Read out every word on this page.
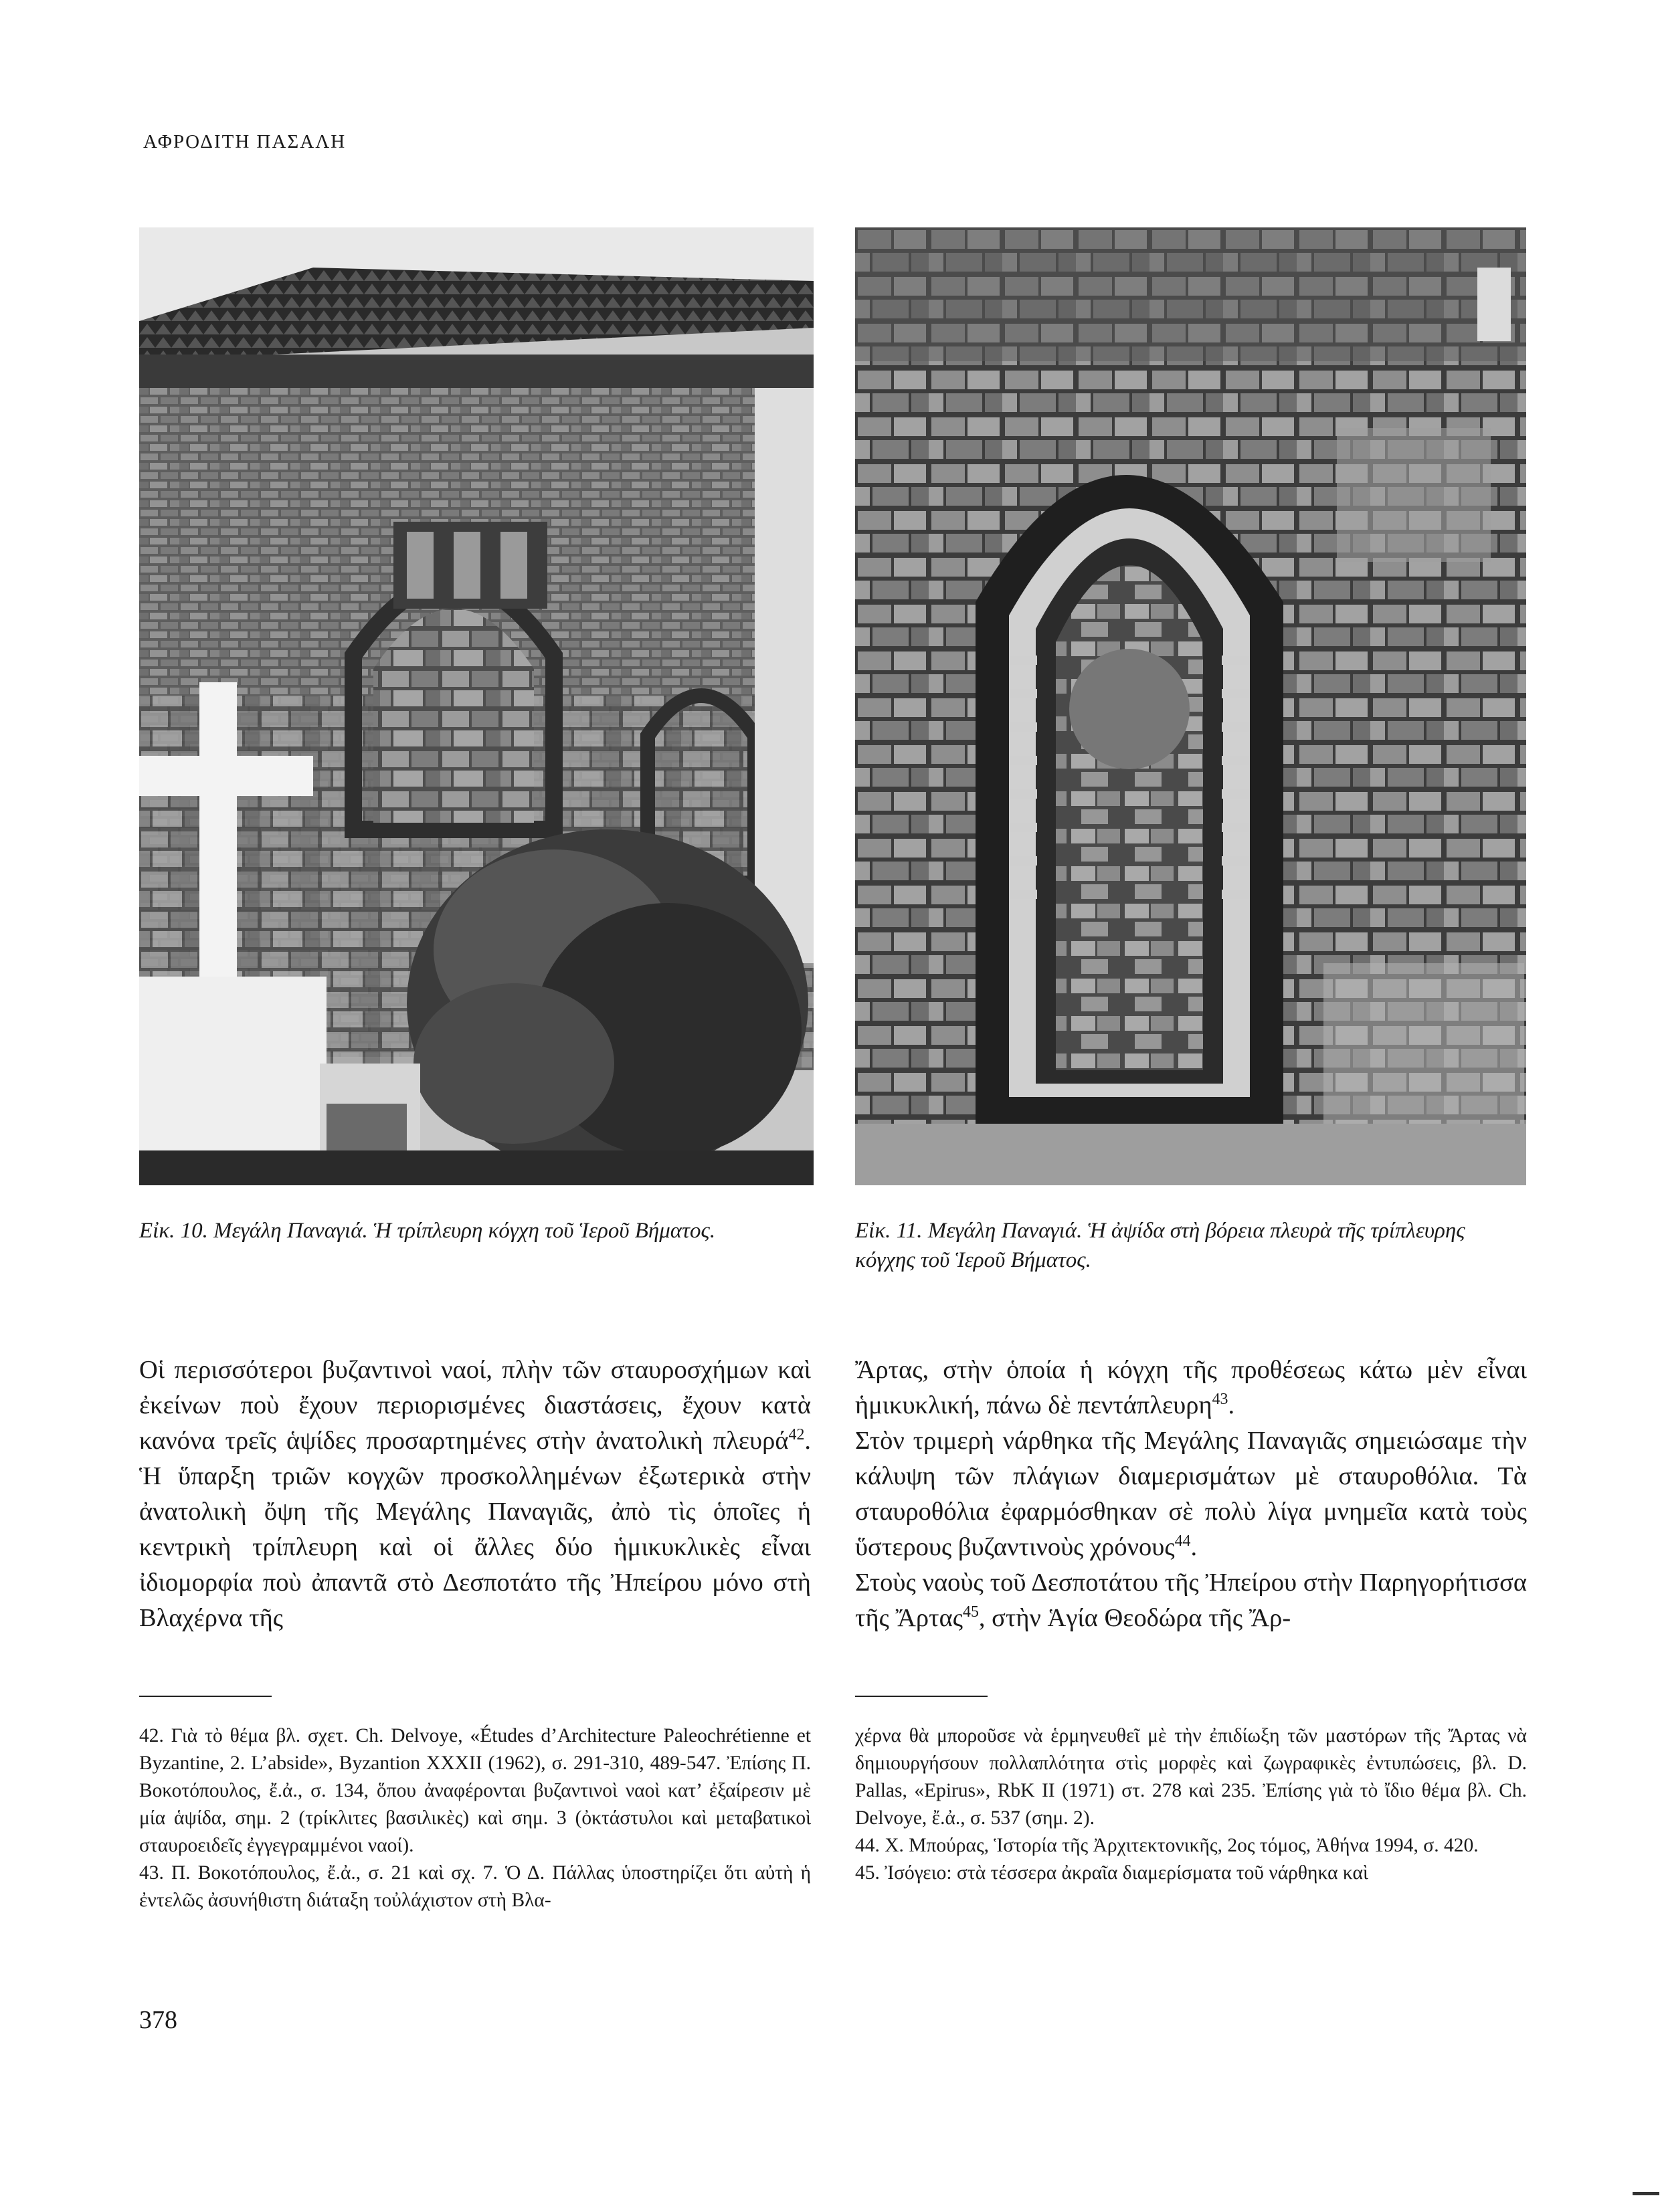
ΑΦΡΟΔΙΤΗ ΠΑΣΑΛΗ
Εἰκ. 10. Μεγάλη Παναγιά. Ἡ τρίπλευρη κόγχη τοῦ Ἱεροῦ Βήματος.	Εἰκ. 11. Μεγάλη Παναγιά. Ἡ ἀψίδα στὴ βόρεια πλευρὰ τῆς τρίπλευρης κόγχης τοῦ Ἱεροῦ Βήματος.

Οἱ περισσότεροι βυζαντινοὶ ναοί, πλὴν τῶν σταυροσχήμων καὶ ἐκείνων ποὺ ἔχουν περιορισμένες διαστάσεις, ἔχουν κατὰ κανόνα τρεῖς ἁψίδες προσαρτημένες στὴν ἀνατολικὴ πλευρά$^{42}$. Ἡ ὕπαρξη τριῶν κογχῶν προσκολλημένων ἐξωτερικὰ στὴν ἀνατολικὴ ὄψη τῆς Μεγάλης Παναγιᾶς, ἀπὸ τὶς ὁποῖες ἡ κεντρικὴ τρίπλευρη καὶ οἱ ἄλλες δύο ἡμικυκλικὲς εἶναι ἰδιομορφία ποὺ ἀπαντᾶ στὸ Δεσποτάτο τῆς Ἠπείρου μόνο στὴ Βλαχέρνα τῆς

Ἄρτας, στὴν ὁποία ἡ κόγχη τῆς προθέσεως κάτω μὲν εἶναι ἡμικυκλική, πάνω δὲ πεντάπλευρη$^{43}$.

Στὸν τριμερὴ νάρθηκα τῆς Μεγάλης Παναγιᾶς σημειώσαμε τὴν κάλυψη τῶν πλάγιων διαμερισμάτων μὲ σταυροθόλια. Τὰ σταυροθόλια ἐφαρμόσθηκαν σὲ πολὺ λίγα μνημεῖα κατὰ τοὺς ὕστερους βυζαντινοὺς χρόνους$^{44}$.

Στοὺς ναοὺς τοῦ Δεσποτάτου τῆς Ἠπείρου στὴν Παρηγορήτισσα τῆς Ἄρτας$^{45}$, στὴν Ἁγία Θεοδώρα τῆς Ἄρ-

42. Γιὰ τὸ θέμα βλ. σχετ. Ch. Delvoye, «Études d’Architecture Paleochrétienne et Byzantine, 2. L’abside», Byzantion XXXII (1962), σ. 291-310, 489-547. Ἐπίσης Π. Βοκοτόπουλος, ἔ.ἀ., σ. 134, ὅπου ἀναφέρονται βυζαντινοὶ ναοὶ κατ’ ἐξαίρεσιν μὲ μία ἁψίδα, σημ. 2 (τρίκλιτες βασιλικὲς) καὶ σημ. 3 (ὀκτάστυλοι καὶ μεταβατικοὶ σταυροειδεῖς ἐγγεγραμμένοι ναοί).

43. Π. Βοκοτόπουλος, ἔ.ἀ., σ. 21 καὶ σχ. 7. Ὁ Δ. Πάλλας ὑποστηρίζει ὅτι αὐτὴ ἡ ἐντελῶς ἀσυνήθιστη διάταξη τοὐλάχιστον στὴ Βλα-

χέρνα θὰ μποροῦσε νὰ ἑρμηνευθεῖ μὲ τὴν ἐπιδίωξη τῶν μαστόρων τῆς Ἄρτας νὰ δημιουργήσουν πολλαπλότητα στὶς μορφὲς καὶ ζωγραφικὲς ἐντυπώσεις, βλ. D. Pallas, «Epirus», RbK II (1971) στ. 278 καὶ 235. Ἐπίσης γιὰ τὸ ἴδιο θέμα βλ. Ch. Delvoye, ἔ.ἀ., σ. 537 (σημ. 2).

44. Χ. Μπούρας, Ἱστορία τῆς Ἀρχιτεκτονικῆς, 2ος τόμος, Ἀθήνα 1994, σ. 420.

45. Ἰσόγειο: στὰ τέσσερα ἀκραῖα διαμερίσματα τοῦ νάρθηκα καὶ

378
